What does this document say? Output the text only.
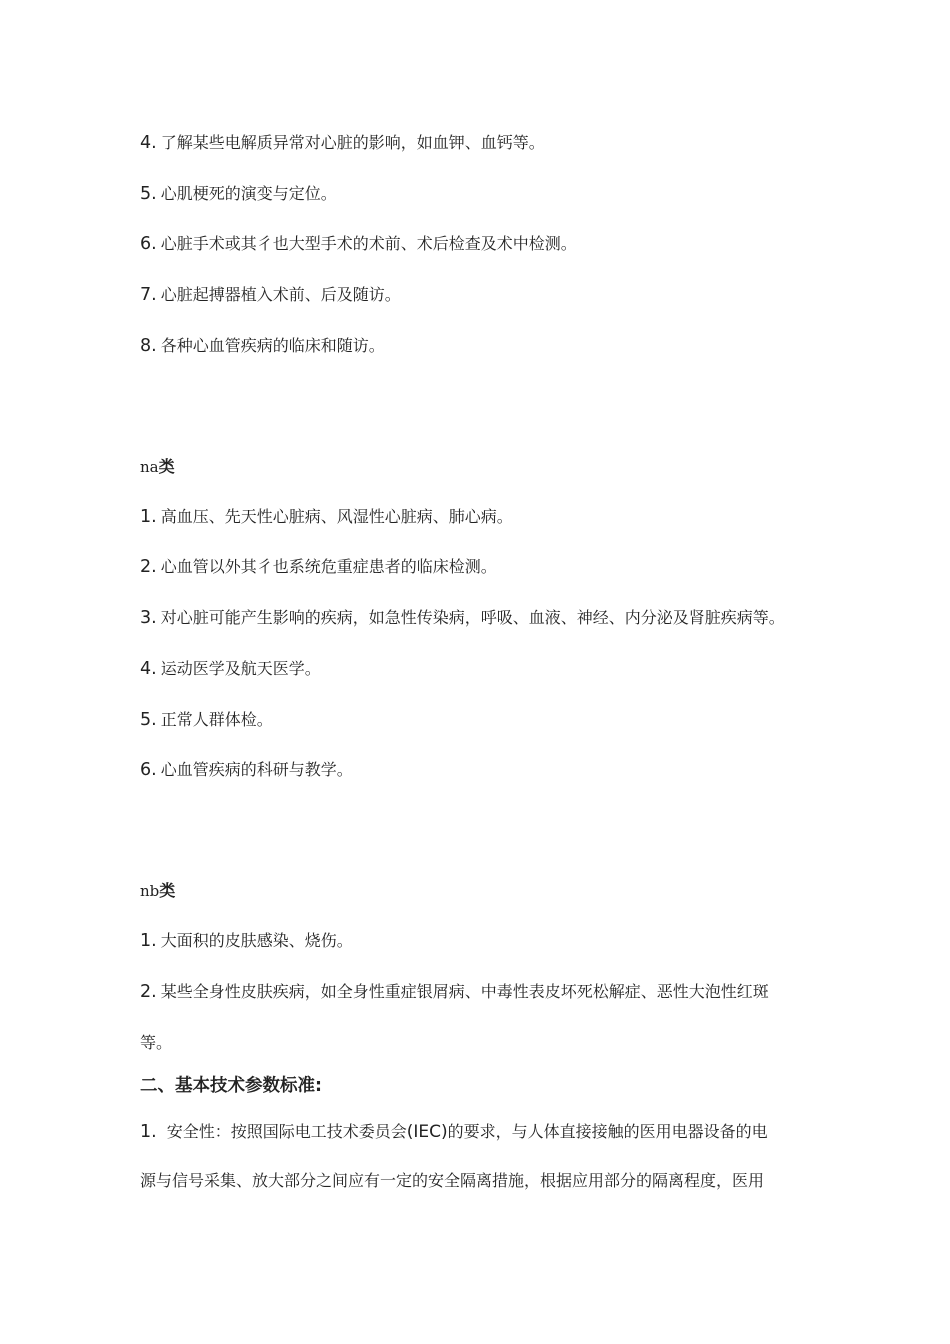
4. 了解某些电解质异常对心脏的影响，如血钾、血钙等。
5. 心肌梗死的演变与定位。
6. 心脏手术或其彳也大型手术的术前、术后检查及术中检测。
7. 心脏起搏器植入术前、后及随访。
8. 各种心血管疾病的临床和随访。
na类
1. 高血压、先天性心脏病、风湿性心脏病、肺心病。
2. 心血管以外其彳也系统危重症患者的临床检测。
3. 对心脏可能产生影响的疾病，如急性传染病，呼吸、血液、神经、内分泌及肾脏疾病等。
4. 运动医学及航天医学。
5. 正常人群体检。
6. 心血管疾病的科研与教学。
nb类
1. 大面积的皮肤感染、烧伤。
2. 某些全身性皮肤疾病，如全身性重症银屑病、中毒性表皮坏死松解症、恶性大泡性红斑
等。
二、基本技术参数标准:
1. 安全性：按照国际电工技术委员会(IEC)的要求，与人体直接接触的医用电器设备的电
源与信号采集、放大部分之间应有一定的安全隔离措施，根据应用部分的隔离程度，医用
